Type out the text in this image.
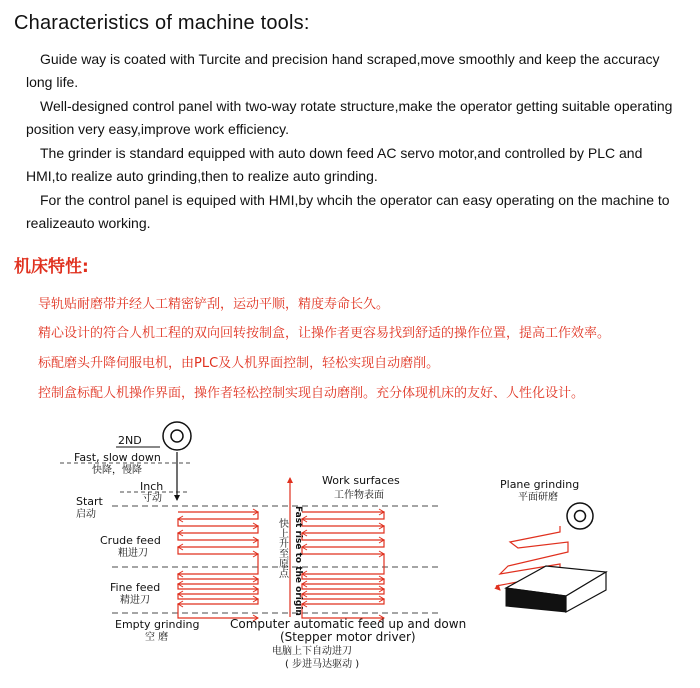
Characteristics of machine tools:

Guide way is coated with Turcite and precision hand scraped,move smoothly and keep the accuracy long life.

Well-designed control panel with two-way rotate structure,make the operator getting suitable operating position very easy,improve work efficiency.

The grinder is standard equipped with auto down feed AC servo motor,and controlled by PLC and HMI,to realize auto grinding,then to realize auto grinding.

For the control panel is equiped with HMI,by whcih the operator can easy operating on the machine to realizeauto working.

机床特性:

导轨贴耐磨带并经人工精密铲刮，运动平顺，精度寿命长久。

精心设计的符合人机工程的双向回转按制盒，让操作者更容易找到舒适的操作位置，提高工作效率。

标配磨头升降伺服电机，由PLC及人机界面控制，轻松实现自动磨削。

控制盒标配人机操作界面，操作者轻松控制实现自动磨削。充分体现机床的友好、人性化设计。

2ND
Fast, slow down
快降，慢降
Inch
寸动
Start
启动
Crude feed
粗进刀
Fine feed
精进刀
Empty grinding
空 磨
快上升至原点 Fast rise to the origin
Work surfaces
工作物表面
Computer automatic feed up and down
(Stepper motor driver)
电脑上下自动进刀
( 步进马达驱动 )
Plane grinding
平面研磨
